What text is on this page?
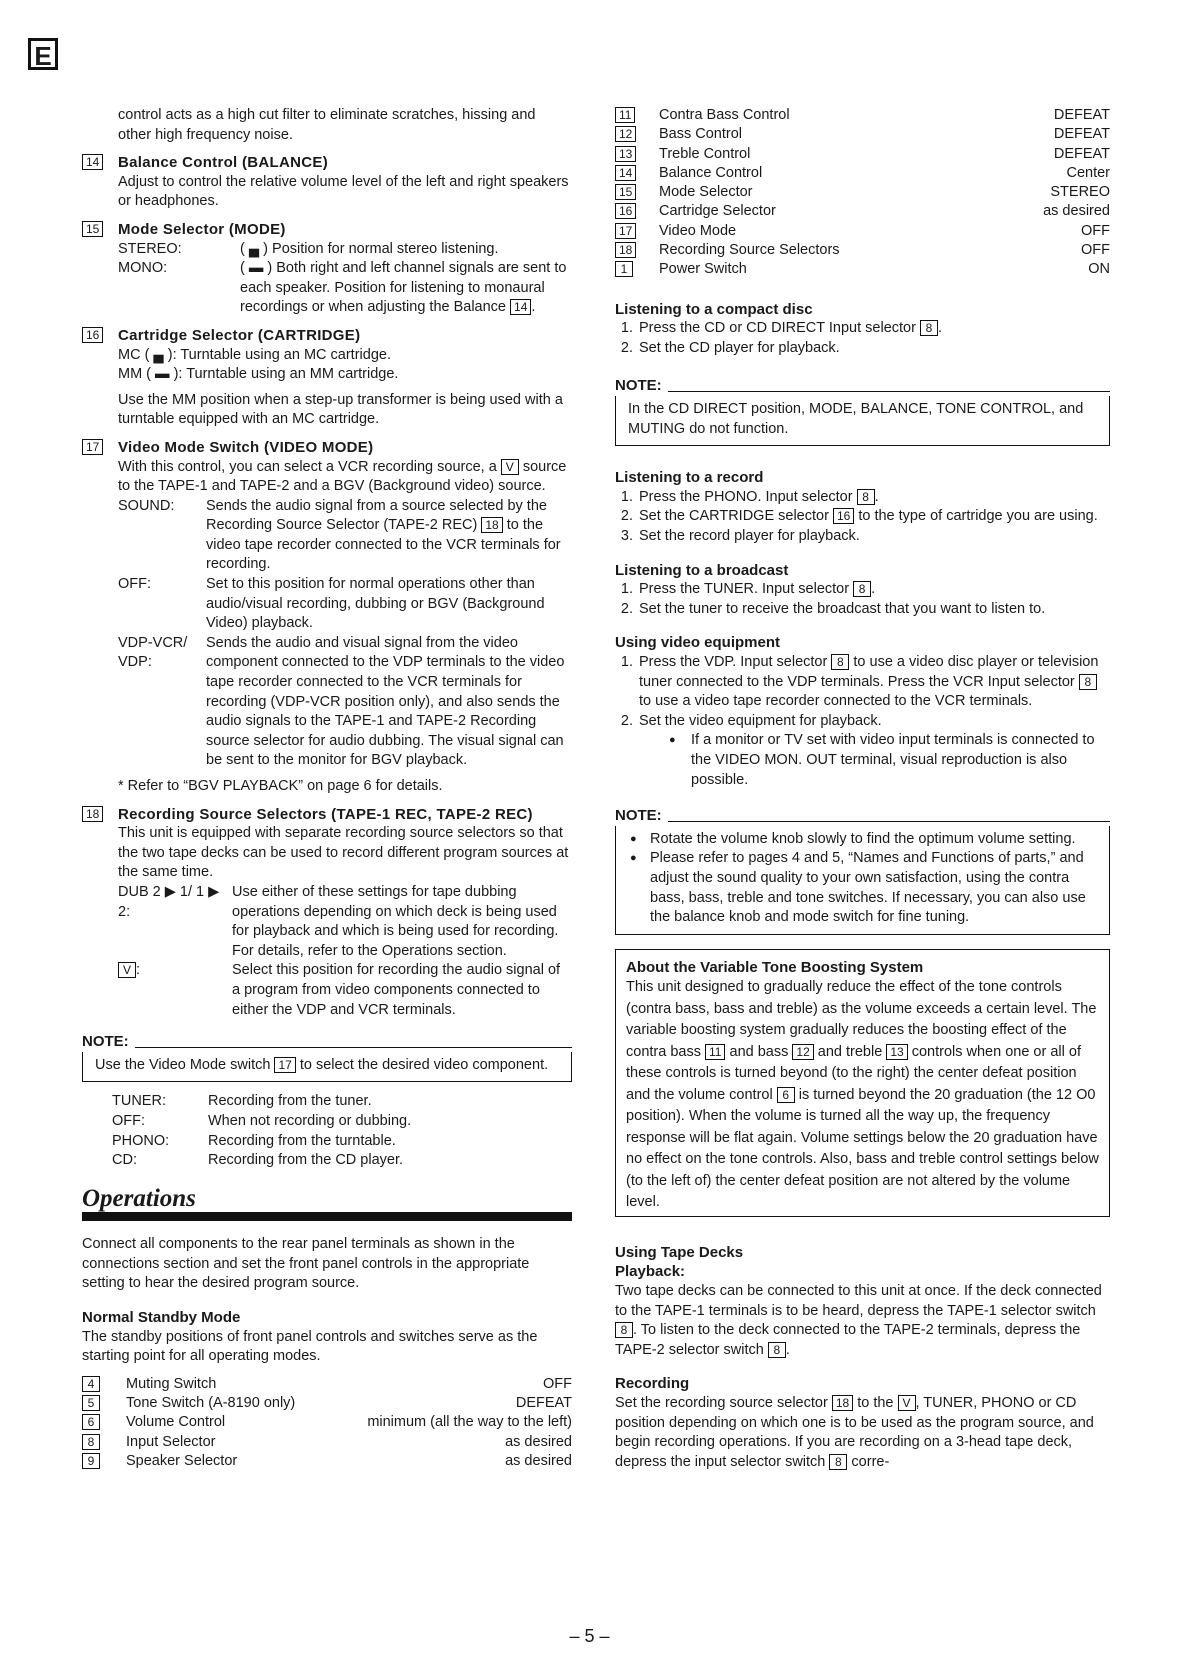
E

control acts as a high cut filter to eliminate scratches, hissing and other high frequency noise.

14 Balance Control (BALANCE)

Adjust to control the relative volume level of the left and right speakers or headphones.

15 Mode Selector (MODE)
STEREO:	( ▄ ) Position for normal stereo listening.
MONO:	( ▬ ) Both right and left channel signals are sent to each speaker. Position for listening to monaural recordings or when adjusting the Balance 14 .
16 Cartridge Selector (CARTRIDGE)

MC ( ▄ ): Turntable using an MC cartridge.

MM ( ▬ ): Turntable using an MM cartridge.

Use the MM position when a step-up transformer is being used with a turntable equipped with an MC cartridge.

17 Video Mode Switch (VIDEO MODE)

With this control, you can select a VCR recording source, a V source to the TAPE-1 and TAPE-2 and a BGV (Background video) source.

SOUND:	Sends the audio signal from a source selected by the Recording Source Selector (TAPE-2 REC) 18 to the video tape recorder connected to the VCR terminals for recording.
OFF:	Set to this position for normal operations other than audio/visual recording, dubbing or BGV (Background Video) playback.
VDP-VCR/ VDP:
Sends the audio and visual signal from the video component connected to the VDP terminals to the video tape recorder connected to the VCR terminals for recording (VDP-VCR position only), and also sends the audio signals to the TAPE-1 and TAPE-2 Recording source selector for audio dubbing. The visual signal can be sent to the monitor for BGV playback.

* Refer to “BGV PLAYBACK” on page 6 for details.

18 Recording Source Selectors (TAPE-1 REC, TAPE-2 REC)

This unit is equipped with separate recording source selectors so that the two tape decks can be used to record different program sources at the same time.

DUB 2 ▶ 1/ 1 ▶ 2:
Use either of these settings for tape dubbing operations depending on which deck is being used for playback and which is being used for recording. For details, refer to the Operations section.
V :	Select this position for recording the audio signal of a program from video components connected to either the VDP and VCR terminals.
NOTE:
Use the Video Mode switch 17 to select the desired video component.
TUNER:	Recording from the tuner.
OFF:	When not recording or dubbing.
PHONO:	Recording from the turntable.
CD:	Recording from the CD player.
Operations

Connect all components to the rear panel terminals as shown in the connections section and set the front panel controls in the appropriate setting to hear the desired program source.

Normal Standby Mode

The standby positions of front panel controls and switches serve as the starting point for all operating modes.

4	Muting Switch	OFF
5	Tone Switch (A-8190 only)	DEFEAT
6	Volume Control	minimum (all the way to the left)
8	Input Selector	as desired
9	Speaker Selector	as desired
11	Contra Bass Control	DEFEAT
12	Bass Control	DEFEAT
13	Treble Control	DEFEAT
14	Balance Control	Center
15	Mode Selector	STEREO
16	Cartridge Selector	as desired
17	Video Mode	OFF
18	Recording Source Selectors	OFF
1	Power Switch	ON
Listening to a compact disc
1. Press the CD or CD DIRECT Input selector 8 .
2. Set the CD player for playback.
NOTE:
In the CD DIRECT position, MODE, BALANCE, TONE CONTROL, and MUTING do not function.
Listening to a record
1. Press the PHONO. Input selector 8 .
2. Set the CARTRIDGE selector 16 to the type of cartridge you are using.
3. Set the record player for playback.
Listening to a broadcast
1. Press the TUNER. Input selector 8 .
2. Set the tuner to receive the broadcast that you want to listen to.
Using video equipment
1. Press the VDP. Input selector 8 to use a video disc player or television tuner connected to the VDP terminals. Press the VCR Input selector 8 to use a video tape recorder connected to the VCR terminals.
2. Set the video equipment for playback.
● If a monitor or TV set with video input terminals is connected to the VIDEO MON. OUT terminal, visual reproduction is also possible.
NOTE:
● Rotate the volume knob slowly to find the optimum volume setting.
● Please refer to pages 4 and 5, “Names and Functions of parts,” and adjust the sound quality to your own satisfaction, using the contra bass, bass, treble and tone switches. If necessary, you can also use the balance knob and mode switch for fine tuning.
About the Variable Tone Boosting System

This unit designed to gradually reduce the effect of the tone controls (contra bass, bass and treble) as the volume exceeds a certain level. The variable boosting system gradually reduces the boosting effect of the contra bass 11 and bass 12 and treble 13 controls when one or all of these controls is turned beyond (to the right) the center defeat position and the volume control 6 is turned beyond the 20 graduation (the 12 O0 position). When the volume is turned all the way up, the frequency response will be flat again. Volume settings below the 20 graduation have no effect on the tone controls. Also, bass and treble control settings below (to the left of) the center defeat position are not altered by the volume level.

Using Tape Decks
Playback:

Two tape decks can be connected to this unit at once. If the deck connected to the TAPE-1 terminals is to be heard, depress the TAPE-1 selector switch 8 . To listen to the deck connected to the TAPE-2 terminals, depress the TAPE-2 selector switch 8 .

Recording

Set the recording source selector 18 to the V , TUNER, PHONO or CD position depending on which one is to be used as the program source, and begin recording operations. If you are recording on a 3-head tape deck, depress the input selector switch 8 corre-

– 5 –
